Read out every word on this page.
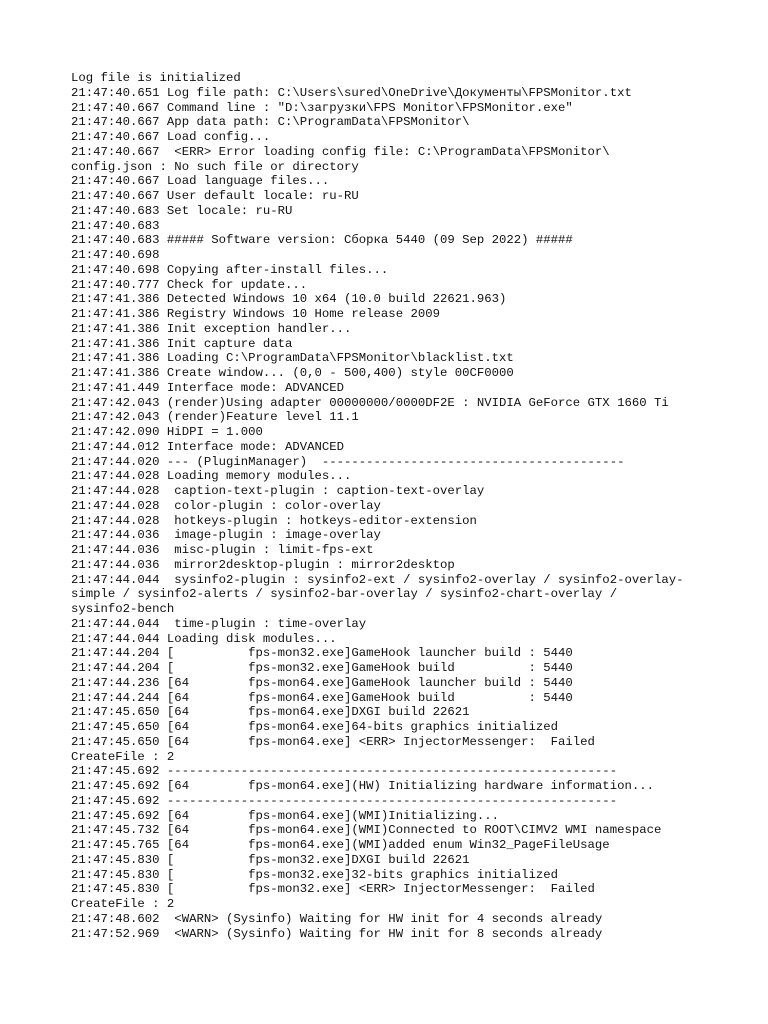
Log file is initialized
21:47:40.651 Log file path: C:\Users\sured\OneDrive\Документы\FPSMonitor.txt
21:47:40.667 Command line : "D:\загрузки\FPS Monitor\FPSMonitor.exe"
21:47:40.667 App data path: C:\ProgramData\FPSMonitor\
21:47:40.667 Load config...
21:47:40.667  <ERR> Error loading config file: C:\ProgramData\FPSMonitor\
config.json : No such file or directory
21:47:40.667 Load language files...
21:47:40.667 User default locale: ru-RU
21:47:40.683 Set locale: ru-RU
21:47:40.683
21:47:40.683 ##### Software version: Сборка 5440 (09 Sep 2022) #####
21:47:40.698
21:47:40.698 Copying after-install files...
21:47:40.777 Check for update...
21:47:41.386 Detected Windows 10 x64 (10.0 build 22621.963)
21:47:41.386 Registry Windows 10 Home release 2009
21:47:41.386 Init exception handler...
21:47:41.386 Init capture data
21:47:41.386 Loading C:\ProgramData\FPSMonitor\blacklist.txt
21:47:41.386 Create window... (0,0 - 500,400) style 00CF0000
21:47:41.449 Interface mode: ADVANCED
21:47:42.043 (render)Using adapter 00000000/0000DF2E : NVIDIA GeForce GTX 1660 Ti
21:47:42.043 (render)Feature level 11.1
21:47:42.090 HiDPI = 1.000
21:47:44.012 Interface mode: ADVANCED
21:47:44.020 --- (PluginManager)  -----------------------------------------
21:47:44.028 Loading memory modules...
21:47:44.028  caption-text-plugin : caption-text-overlay
21:47:44.028  color-plugin : color-overlay
21:47:44.028  hotkeys-plugin : hotkeys-editor-extension
21:47:44.036  image-plugin : image-overlay
21:47:44.036  misc-plugin : limit-fps-ext
21:47:44.036  mirror2desktop-plugin : mirror2desktop
21:47:44.044  sysinfo2-plugin : sysinfo2-ext / sysinfo2-overlay / sysinfo2-overlay-
simple / sysinfo2-alerts / sysinfo2-bar-overlay / sysinfo2-chart-overlay /
sysinfo2-bench
21:47:44.044  time-plugin : time-overlay
21:47:44.044 Loading disk modules...
21:47:44.204 [          fps-mon32.exe]GameHook launcher build : 5440
21:47:44.204 [          fps-mon32.exe]GameHook build          : 5440
21:47:44.236 [64        fps-mon64.exe]GameHook launcher build : 5440
21:47:44.244 [64        fps-mon64.exe]GameHook build          : 5440
21:47:45.650 [64        fps-mon64.exe]DXGI build 22621
21:47:45.650 [64        fps-mon64.exe]64-bits graphics initialized
21:47:45.650 [64        fps-mon64.exe] <ERR> InjectorMessenger:  Failed
CreateFile : 2
21:47:45.692 -------------------------------------------------------------
21:47:45.692 [64        fps-mon64.exe](HW) Initializing hardware information...
21:47:45.692 -------------------------------------------------------------
21:47:45.692 [64        fps-mon64.exe](WMI)Initializing...
21:47:45.732 [64        fps-mon64.exe](WMI)Connected to ROOT\CIMV2 WMI namespace
21:47:45.765 [64        fps-mon64.exe](WMI)added enum Win32_PageFileUsage
21:47:45.830 [          fps-mon32.exe]DXGI build 22621
21:47:45.830 [          fps-mon32.exe]32-bits graphics initialized
21:47:45.830 [          fps-mon32.exe] <ERR> InjectorMessenger:  Failed
CreateFile : 2
21:47:48.602  <WARN> (Sysinfo) Waiting for HW init for 4 seconds already
21:47:52.969  <WARN> (Sysinfo) Waiting for HW init for 8 seconds already
